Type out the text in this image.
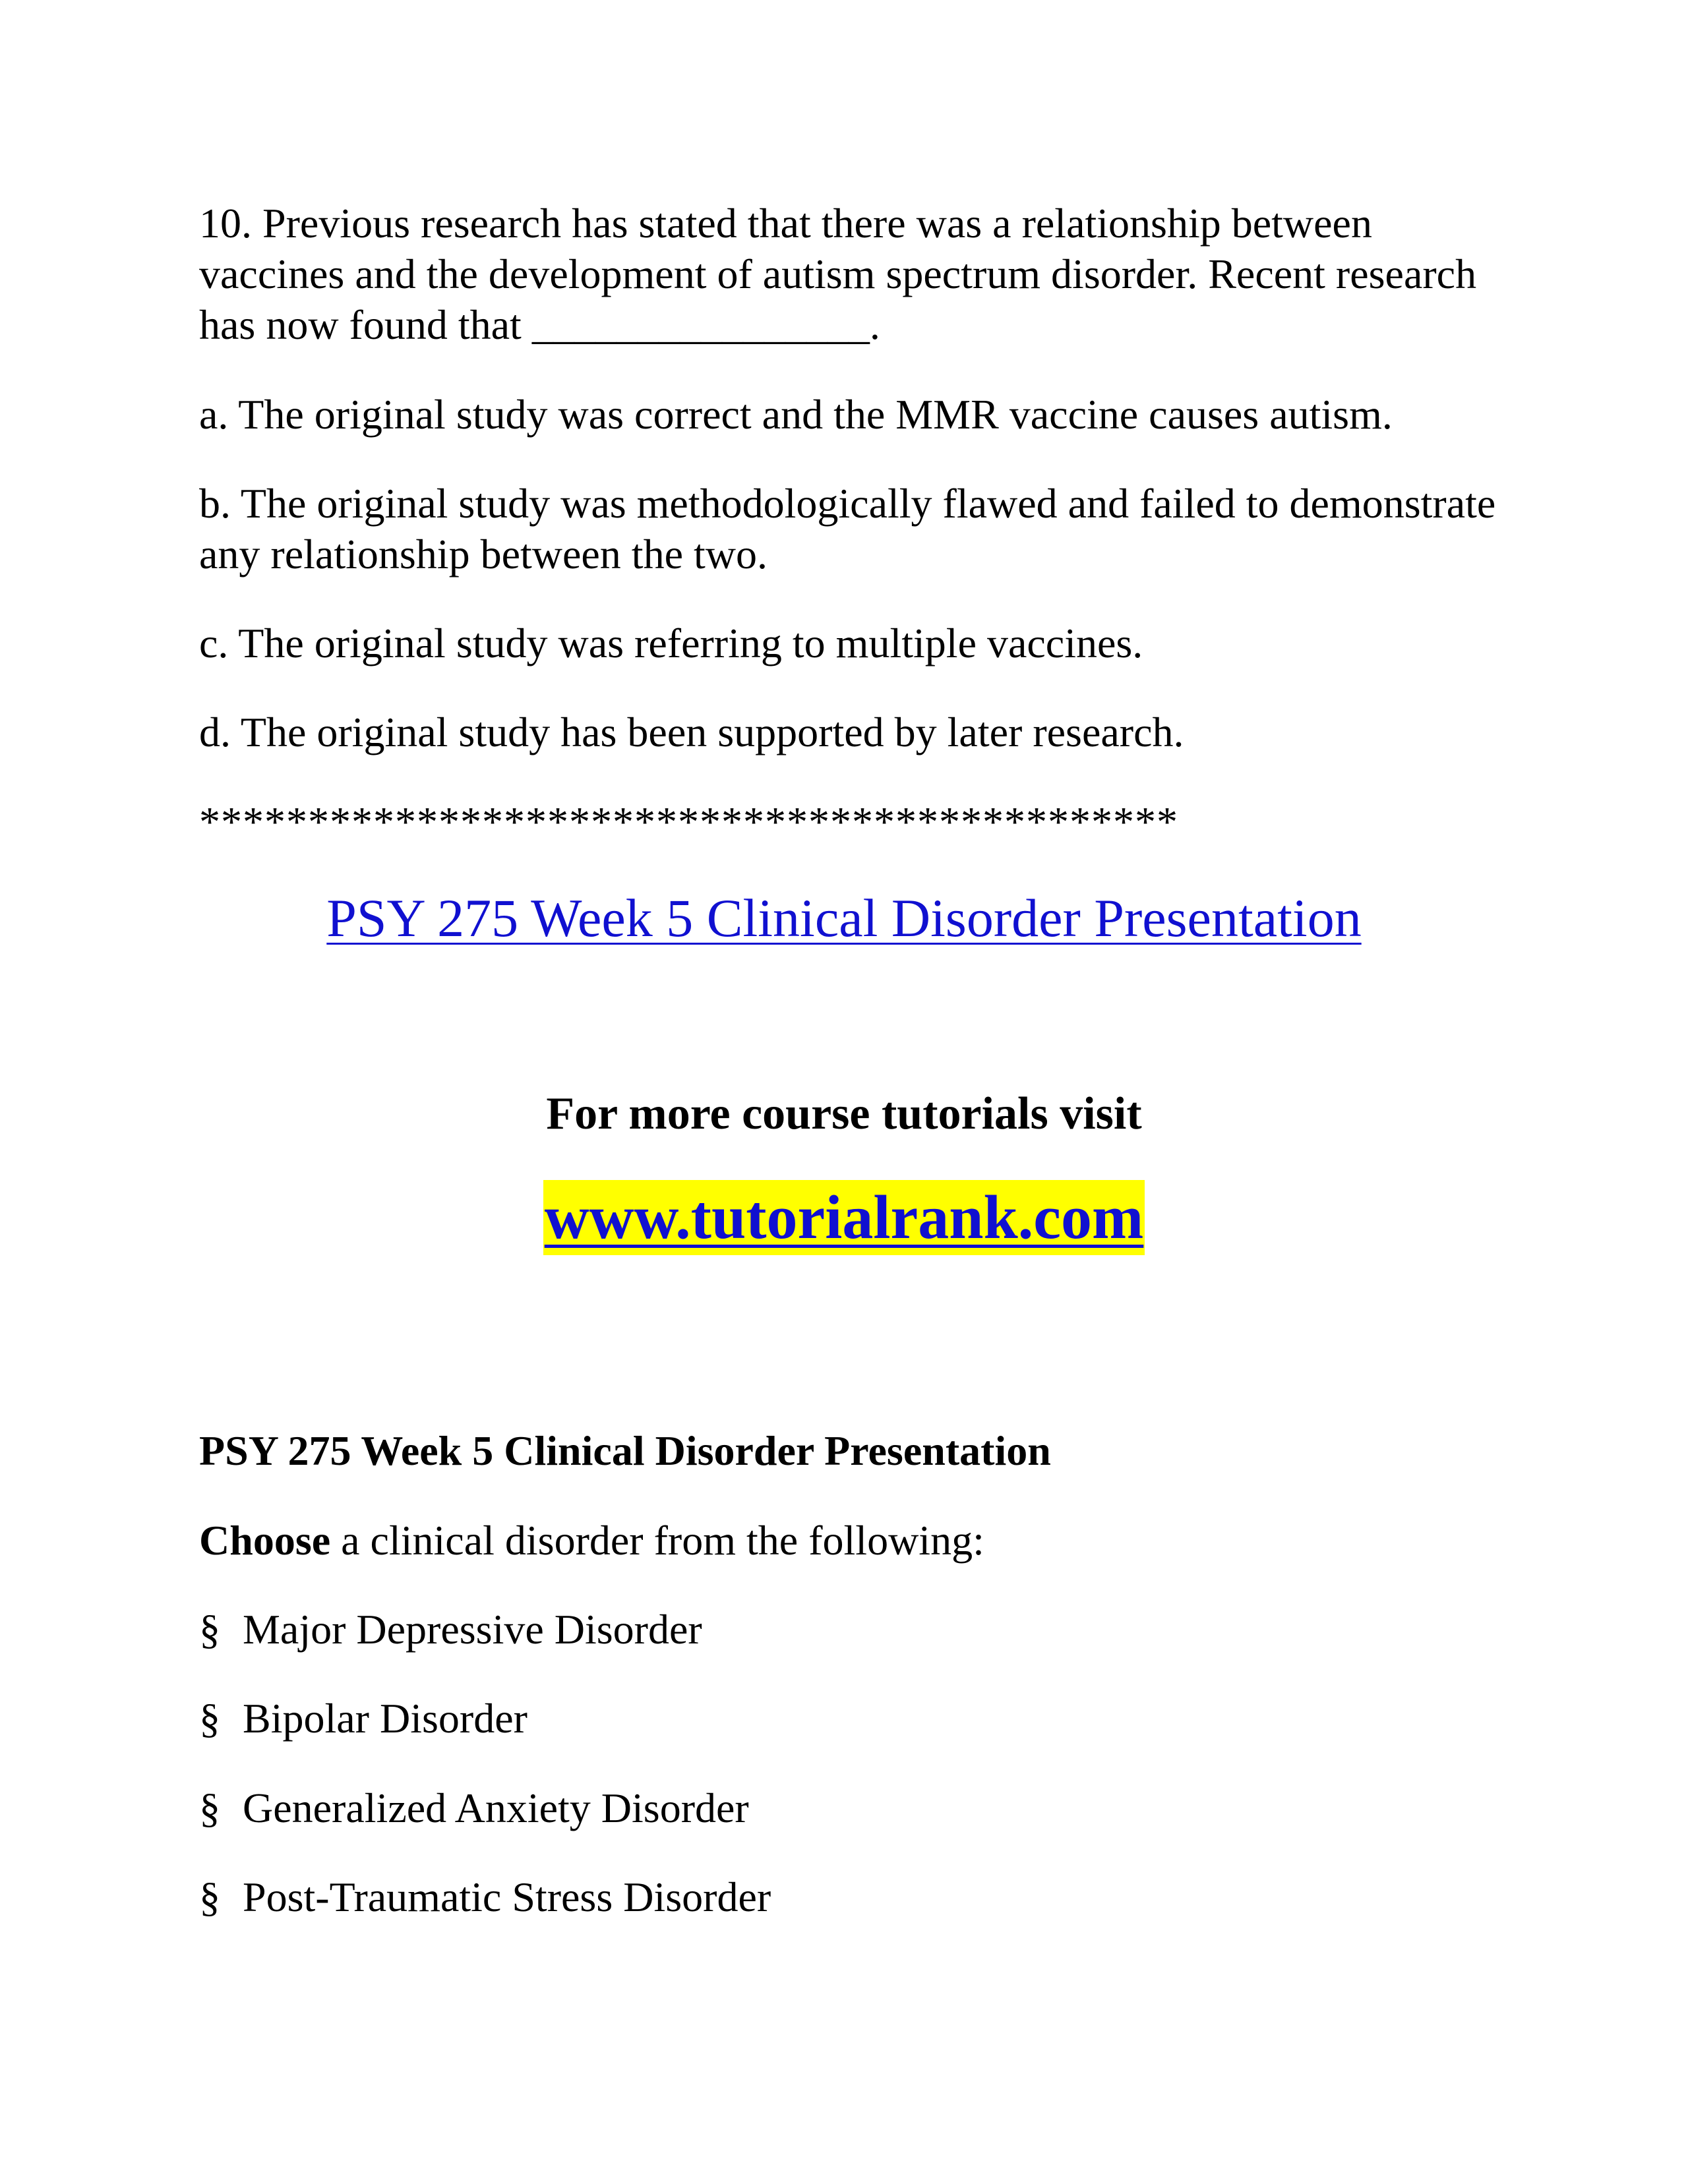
10. Previous research has stated that there was a relationship between vaccines and the development of autism spectrum disorder. Recent research has now found that ________________.

a. The original study was correct and the MMR vaccine causes autism.

b. The original study was methodologically flawed and failed to demonstrate any relationship between the two.

c. The original study was referring to multiple vaccines.

d. The original study has been supported by later research.

*********************************************

PSY 275 Week 5 Clinical Disorder Presentation
For more course tutorials visit
www.tutorialrank.com

PSY 275 Week 5 Clinical Disorder Presentation

Choose a clinical disorder from the following:

§ Major Depressive Disorder

§ Bipolar Disorder

§ Generalized Anxiety Disorder

§ Post-Traumatic Stress Disorder
